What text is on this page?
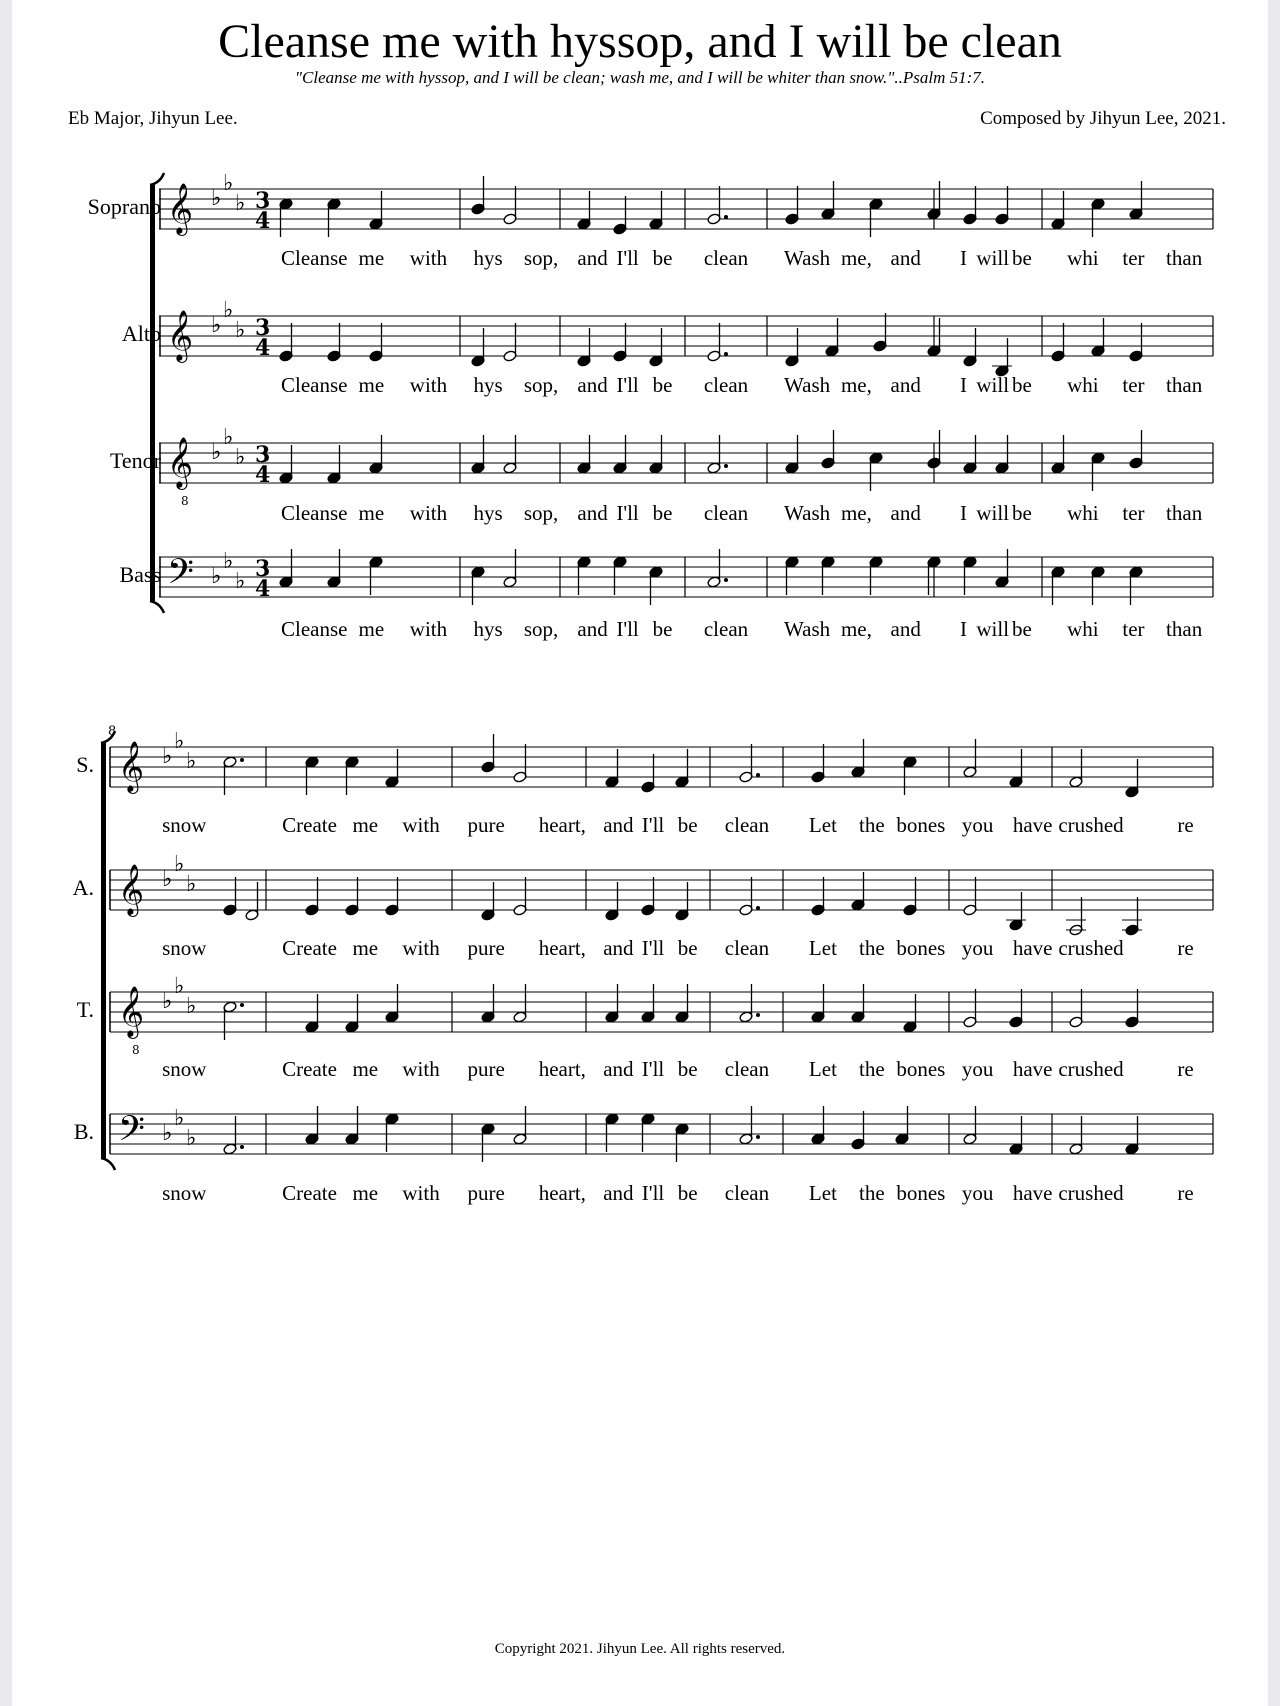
Cleanse me with hyssop, and I will be clean
"Cleanse me with hyssop, and I will be clean; wash me, and I will be whiter than snow."..Psalm 51:7.
Eb Major, Jihyun Lee.	Composed by Jihyun Lee, 2021.
Copyright 2021. Jihyun Lee. All rights reserved.
𝄞 ♭
♭
♭ 3
4
𝄞 ♭
♭
♭ 3
4
𝄞
8
♭
♭
♭ 3
4
𝄢 ♭
♭
♭ 3
4
8
𝄞 ♭
♭
♭
𝄞 ♭
♭
♭
𝄞
8
♭
♭
♭
𝄢 ♭
♭
♭
Soprano
Cleanse me with hys sop, and I'll be clean Wash me, and I will be whi ter than
Alto
Cleanse me with hys sop, and I'll be clean Wash me, and I will be whi ter than
Tenor
Cleanse me with hys sop, and I'll be clean Wash me, and I will be whi ter than
Bass
Cleanse me with hys sop, and I'll be clean Wash me, and I will be whi ter than
S.
snow	Create me with pure heart, and I'll be clean Let the bones you have crushed	re
A.
snow	Create me with pure heart, and I'll be clean Let the bones you have crushed	re
T.
snow	Create me with pure heart, and I'll be clean Let the bones you have crushed	re
B.
snow	Create me with pure heart, and I'll be clean Let the bones you have crushed	re
